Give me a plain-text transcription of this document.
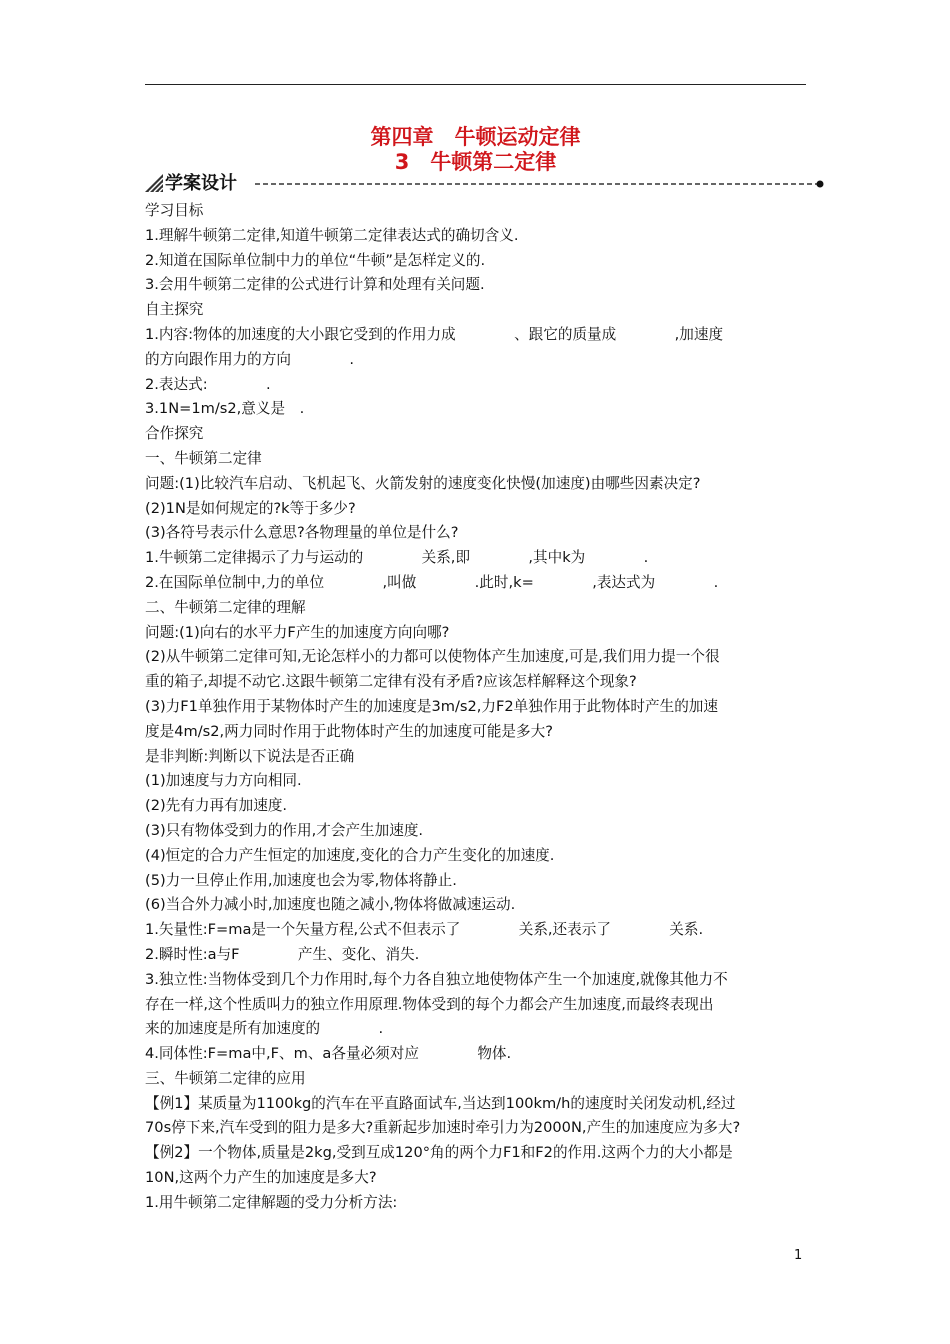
第四章　牛顿运动定律
3　牛顿第二定律
学案设计

学习目标

1.理解牛顿第二定律,知道牛顿第二定律表达式的确切含义.

2.知道在国际单位制中力的单位“牛顿”是怎样定义的.

3.会用牛顿第二定律的公式进行计算和处理有关问题.

自主探究

1.内容:物体的加速度的大小跟它受到的作用力成　　　　、跟它的质量成　　　　,加速度

的方向跟作用力的方向　　　　.

2.表达式:　　　　.

3.1N=1m/s2,意义是　.

合作探究

一、牛顿第二定律

问题:(1)比较汽车启动、飞机起飞、火箭发射的速度变化快慢(加速度)由哪些因素决定?

(2)1N是如何规定的?k等于多少?

(3)各符号表示什么意思?各物理量的单位是什么?

1.牛顿第二定律揭示了力与运动的　　　　关系,即　　　　,其中k为　　　　.

2.在国际单位制中,力的单位　　　　,叫做　　　　.此时,k=　　　　,表达式为　　　　.

二、牛顿第二定律的理解

问题:(1)向右的水平力F产生的加速度方向向哪?

(2)从牛顿第二定律可知,无论怎样小的力都可以使物体产生加速度,可是,我们用力提一个很

重的箱子,却提不动它.这跟牛顿第二定律有没有矛盾?应该怎样解释这个现象?

(3)力F1单独作用于某物体时产生的加速度是3m/s2,力F2单独作用于此物体时产生的加速

度是4m/s2,两力同时作用于此物体时产生的加速度可能是多大?

是非判断:判断以下说法是否正确

(1)加速度与力方向相同.

(2)先有力再有加速度.

(3)只有物体受到力的作用,才会产生加速度.

(4)恒定的合力产生恒定的加速度,变化的合力产生变化的加速度.

(5)力一旦停止作用,加速度也会为零,物体将静止.

(6)当合外力减小时,加速度也随之减小,物体将做减速运动.

1.矢量性:F=ma是一个矢量方程,公式不但表示了　　　　关系,还表示了　　　　关系.

2.瞬时性:a与F　　　　产生、变化、消失.

3.独立性:当物体受到几个力作用时,每个力各自独立地使物体产生一个加速度,就像其他力不

存在一样,这个性质叫力的独立作用原理.物体受到的每个力都会产生加速度,而最终表现出

来的加速度是所有加速度的　　　　.

4.同体性:F=ma中,F、m、a各量必须对应　　　　物体.

三、牛顿第二定律的应用

【例1】某质量为1100kg的汽车在平直路面试车,当达到100km/h的速度时关闭发动机,经过

70s停下来,汽车受到的阻力是多大?重新起步加速时牵引力为2000N,产生的加速度应为多大?

【例2】一个物体,质量是2kg,受到互成120°角的两个力F1和F2的作用.这两个力的大小都是

10N,这两个力产生的加速度是多大?

1.用牛顿第二定律解题的受力分析方法:

1
